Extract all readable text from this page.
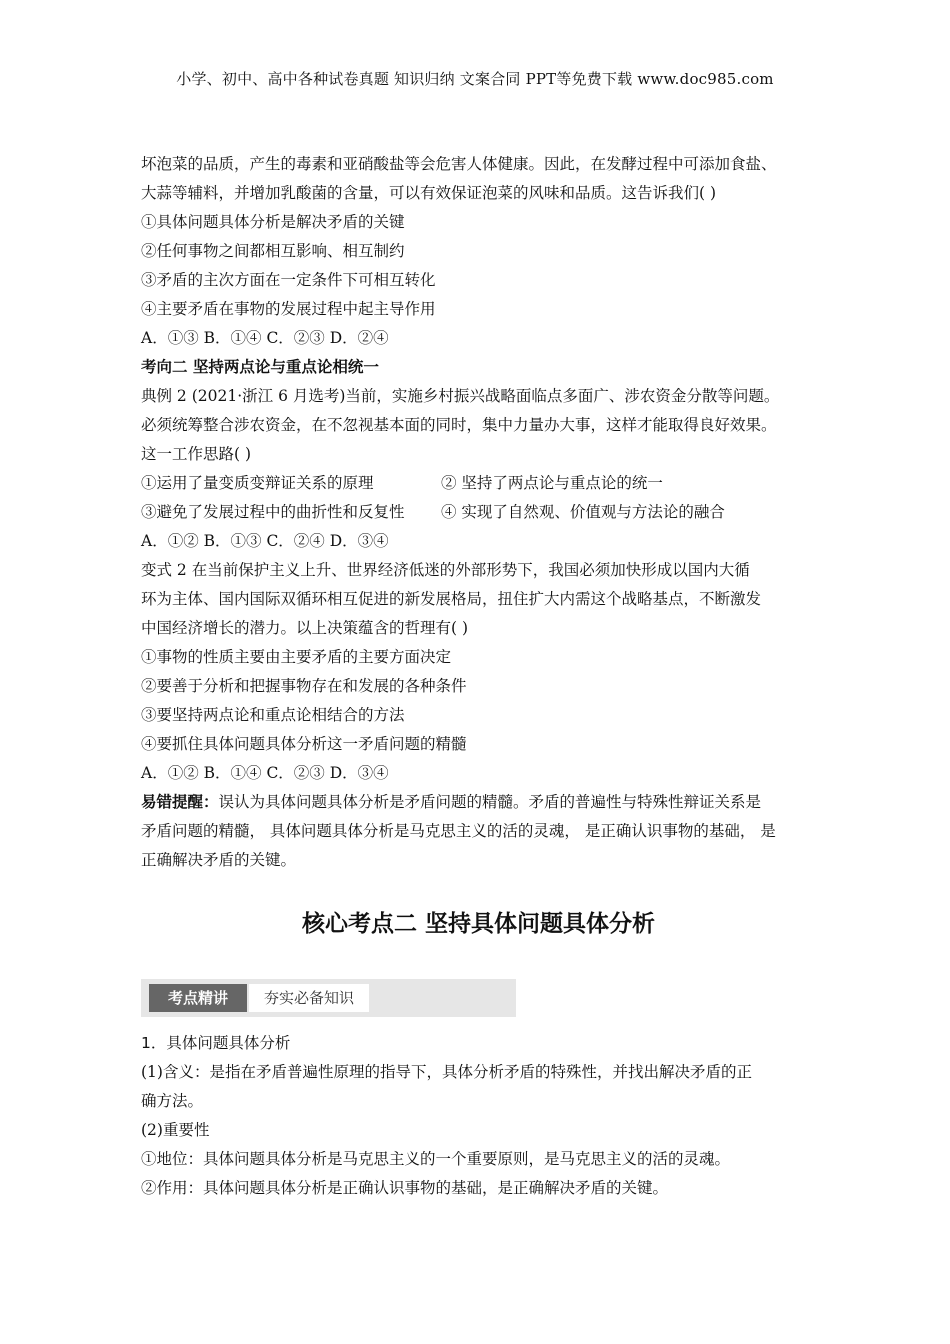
小学、初中、高中各种试卷真题 知识归纳 文案合同 PPT等免费下载 www.doc985.com
坏泡菜的品质，产生的毒素和亚硝酸盐等会危害人体健康。因此，在发酵过程中可添加食盐、
大蒜等辅料，并增加乳酸菌的含量，可以有效保证泡菜的风味和品质。这告诉我们( )
①具体问题具体分析是解决矛盾的关键
②任何事物之间都相互影响、相互制约
③矛盾的主次方面在一定条件下可相互转化
④主要矛盾在事物的发展过程中起主导作用
A．①③ B．①④ C．②③ D．②④
考向二 坚持两点论与重点论相统一
典例 2 (2021·浙江 6 月选考)当前，实施乡村振兴战略面临点多面广、涉农资金分散等问题。
必须统筹整合涉农资金，在不忽视基本面的同时，集中力量办大事，这样才能取得良好效果。
这一工作思路( )
①运用了量变质变辩证关系的原理	② 坚持了两点论与重点论的统一
③避免了发展过程中的曲折性和反复性 ④ 实现了自然观、价值观与方法论的融合
A．①② B．①③ C．②④ D．③④
变式 2 在当前保护主义上升、世界经济低迷的外部形势下，我国必须加快形成以国内大循
环为主体、国内国际双循环相互促进的新发展格局，扭住扩大内需这个战略基点，不断激发
中国经济增长的潜力。以上决策蕴含的哲理有( )
①事物的性质主要由主要矛盾的主要方面决定
②要善于分析和把握事物存在和发展的各种条件
③要坚持两点论和重点论相结合的方法
④要抓住具体问题具体分析这一矛盾问题的精髓
A．①② B．①④ C．②③ D．③④
易错提醒：误认为具体问题具体分析是矛盾问题的精髓。矛盾的普遍性与特殊性辩证关系是
矛盾问题的精髓， 具体问题具体分析是马克思主义的活的灵魂， 是正确认识事物的基础， 是
正确解决矛盾的关键。
核心考点二 坚持具体问题具体分析
考点精讲	夯实必备知识
1．具体问题具体分析
(1)含义：是指在矛盾普遍性原理的指导下，具体分析矛盾的特殊性，并找出解决矛盾的正
确方法。
(2)重要性
①地位：具体问题具体分析是马克思主义的一个重要原则，是马克思主义的活的灵魂。
②作用：具体问题具体分析是正确认识事物的基础，是正确解决矛盾的关键。
